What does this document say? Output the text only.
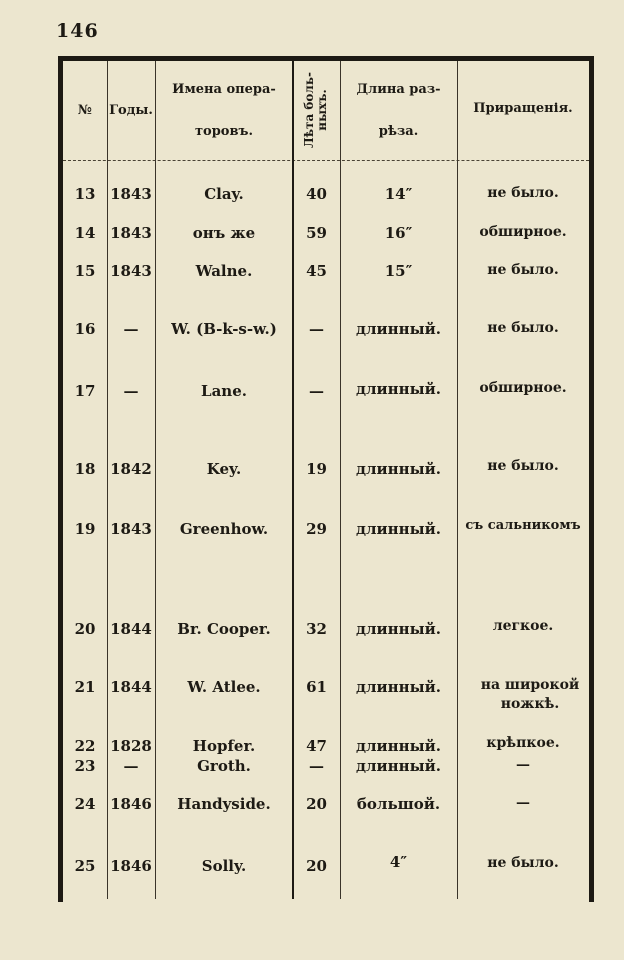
146
№	Годы.
Имена опера-
торовъ.	Лѣта боль- ныхъ.	Длина раз-
рѣза.
Приращенія.
13 1843	Clay.	40	14″	не было.
14 1843	онъ же	59	16″	обширное.
15 1843	Walne.	45	15″	не было.
16	—	W. (B-k-s-w.)	—	длинный.	не было.
17	—	Lane.	—	длинный.	обширное.
18 1842	Key.	19	длинный.	не было.
19 1843	Greenhow.	29	длинный.	съ сальникомъ
20 1844	Br. Cooper.	32	длинный.	легкое.
21 1844	W. Atlee.	61	длинный.	на широкой ножкѣ.
22 1828	Hopfer.	47	длинный.	крѣпкое.
23	—	Groth.	—	длинный.	—
24 1846	Handyside.	20	большой.	—
25 1846	Solly.	20	4″	не было.
